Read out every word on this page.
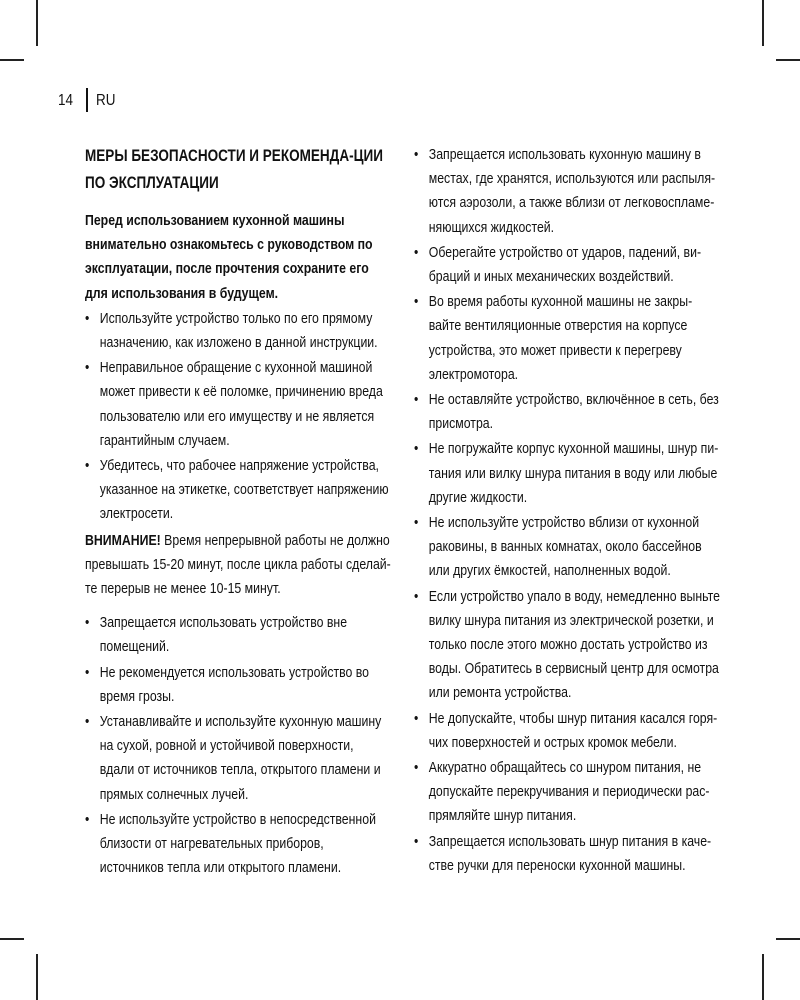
14 RU
МЕРЫ БЕЗОПАСНОСТИ И РЕКОМЕНДА-ЦИИ ПО ЭКСПЛУАТАЦИИ
Перед использованием кухонной машины внимательно ознакомьтесь с руководством по эксплуатации, после прочтения сохраните его для использования в будущем.
• Используйте устройство только по его прямому назначению, как изложено в данной инструкции.
• Неправильное обращение с кухонной машиной может привести к её поломке, причинению вреда пользователю или его имуществу и не является гарантийным случаем.
• Убедитесь, что рабочее напряжение устройства, указанное на этикетке, соответствует напряжению электросети.
ВНИМАНИЕ! Время непрерывной работы не должно превышать 15-20 минут, после цикла работы сделай-те перерыв не менее 10-15 минут.
• Запрещается использовать устройство вне помещений.
• Не рекомендуется использовать устройство во время грозы.
• Устанавливайте и используйте кухонную машину на сухой, ровной и устойчивой поверхности, вдали от источников тепла, открытого пламени и прямых солнечных лучей.
• Не используйте устройство в непосредственной близости от нагревательных приборов, источников тепла или открытого пламени.
• Запрещается использовать кухонную машину в местах, где хранятся, используются или распыля-ются аэрозоли, а также вблизи от легковоспламе-няющихся жидкостей.
• Оберегайте устройство от ударов, падений, ви-браций и иных механических воздействий.
• Во время работы кухонной машины не закры-вайте вентиляционные отверстия на корпусе устройства, это может привести к перегреву электромотора.
• Не оставляйте устройство, включённое в сеть, без присмотра.
• Не погружайте корпус кухонной машины, шнур пи-тания или вилку шнура питания в воду или любые другие жидкости.
• Не используйте устройство вблизи от кухонной раковины, в ванных комнатах, около бассейнов или других ёмкостей, наполненных водой.
• Если устройство упало в воду, немедленно выньте вилку шнура питания из электрической розетки, и только после этого можно достать устройство из воды. Обратитесь в сервисный центр для осмотра или ремонта устройства.
• Не допускайте, чтобы шнур питания касался горя-чих поверхностей и острых кромок мебели.
• Аккуратно обращайтесь со шнуром питания, не допускайте перекручивания и периодически рас-прямляйте шнур питания.
• Запрещается использовать шнур питания в каче-стве ручки для переноски кухонной машины.
